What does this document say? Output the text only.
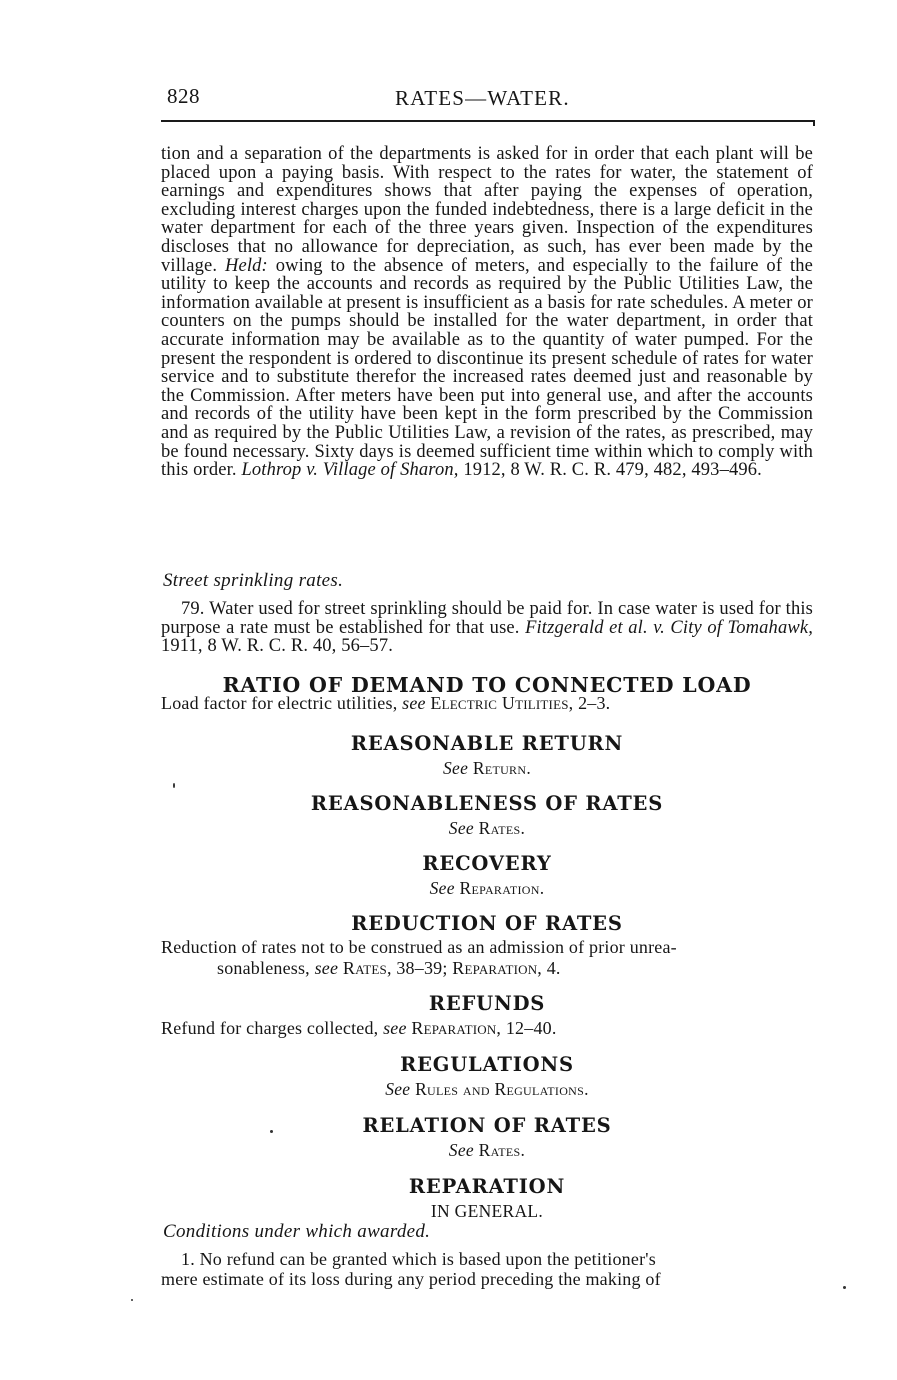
828	RATES—WATER.

tion and a separation of the departments is asked for in order that each plant will be placed upon a paying basis. With respect to the rates for water, the statement of earnings and expenditures shows that after paying the expenses of operation, excluding interest charges upon the funded indebtedness, there is a large deficit in the water department for each of the three years given. Inspection of the expenditures discloses that no allowance for depreciation, as such, has ever been made by the village. Held: owing to the absence of meters, and especially to the failure of the utility to keep the accounts and records as required by the Public Utilities Law, the information available at present is insufficient as a basis for rate schedules. A meter or counters on the pumps should be installed for the water department, in order that accurate information may be available as to the quantity of water pumped. For the present the respondent is ordered to discontinue its present schedule of rates for water service and to substitute therefor the increased rates deemed just and reasonable by the Commission. After meters have been put into general use, and after the accounts and records of the utility have been kept in the form prescribed by the Commission and as required by the Public Utilities Law, a revision of the rates, as prescribed, may be found necessary. Sixty days is deemed sufficient time within which to comply with this order. Lothrop v. Village of Sharon, 1912, 8 W. R. C. R. 479, 482, 493–496.

Street sprinkling rates.

79. Water used for street sprinkling should be paid for. In case water is used for this purpose a rate must be established for that use. Fitzgerald et al. v. City of Tomahawk, 1911, 8 W. R. C. R. 40, 56–57.

RATIO OF DEMAND TO CONNECTED LOAD
Load factor for electric utilities, see Electric Utilities, 2–3.
REASONABLE RETURN
See Return.
REASONABLENESS OF RATES
See Rates.
RECOVERY
See Reparation.
REDUCTION OF RATES
Reduction of rates not to be construed as an admission of prior unrea-
sonableness, see Rates, 38–39; Reparation, 4.
REFUNDS
Refund for charges collected, see Reparation, 12–40.
REGULATIONS
See Rules and Regulations.
RELATION OF RATES
See Rates.
REPARATION
IN GENERAL.
Conditions under which awarded.
1. No refund can be granted which is based upon the petitioner's
mere estimate of its loss during any period preceding the making of
